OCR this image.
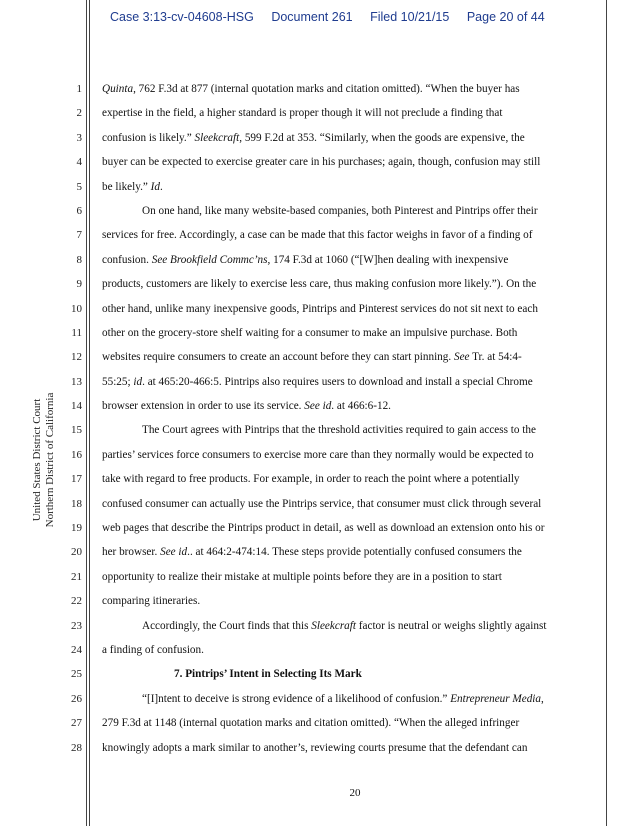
Case 3:13-cv-04608-HSG Document 261 Filed 10/21/15 Page 20 of 44
United States District Court Northern District of California
1
2
3
4
5
6
7
8
9
10
11
12
13
14
15
16
17
18
19
20
21
22
23
24
25
26
27
28
Quinta, 762 F.3d at 877 (internal quotation marks and citation omitted). “When the buyer has
expertise in the field, a higher standard is proper though it will not preclude a finding that
confusion is likely.” Sleekcraft, 599 F.2d at 353. “Similarly, when the goods are expensive, the
buyer can be expected to exercise greater care in his purchases; again, though, confusion may still
be likely.” Id.
On one hand, like many website-based companies, both Pinterest and Pintrips offer their
services for free. Accordingly, a case can be made that this factor weighs in favor of a finding of
confusion. See Brookfield Commc’ns, 174 F.3d at 1060 (“[W]hen dealing with inexpensive
products, customers are likely to exercise less care, thus making confusion more likely.”). On the
other hand, unlike many inexpensive goods, Pintrips and Pinterest services do not sit next to each
other on the grocery-store shelf waiting for a consumer to make an impulsive purchase. Both
websites require consumers to create an account before they can start pinning. See Tr. at 54:4-
55:25; id. at 465:20-466:5. Pintrips also requires users to download and install a special Chrome
browser extension in order to use its service. See id. at 466:6-12.
The Court agrees with Pintrips that the threshold activities required to gain access to the
parties’ services force consumers to exercise more care than they normally would be expected to
take with regard to free products. For example, in order to reach the point where a potentially
confused consumer can actually use the Pintrips service, that consumer must click through several
web pages that describe the Pintrips product in detail, as well as download an extension onto his or
her browser. See id.. at 464:2-474:14. These steps provide potentially confused consumers the
opportunity to realize their mistake at multiple points before they are in a position to start
comparing itineraries.
Accordingly, the Court finds that this Sleekcraft factor is neutral or weighs slightly against
a finding of confusion.
7. Pintrips’ Intent in Selecting Its Mark
“[I]ntent to deceive is strong evidence of a likelihood of confusion.” Entrepreneur Media,
279 F.3d at 1148 (internal quotation marks and citation omitted). “When the alleged infringer
knowingly adopts a mark similar to another’s, reviewing courts presume that the defendant can
20
